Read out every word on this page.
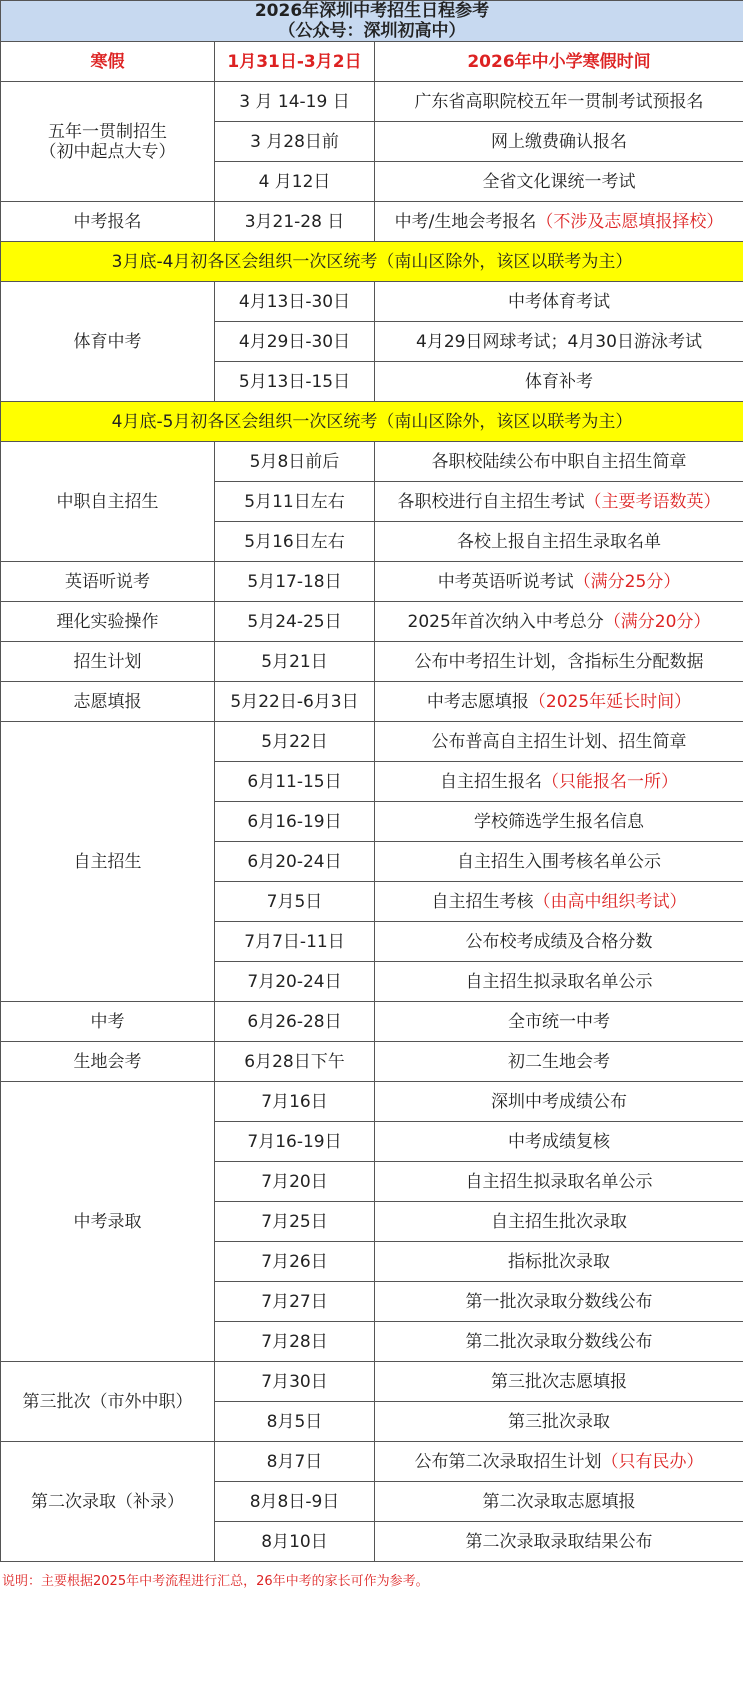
2026年深圳中考招生日程参考
（公众号：深圳初高中）		

寒假	1月31日-3月2日	2026年中小学寒假时间

五年一贯制招生
（初中起点大专）	3 月 14-19 日	广东省高职院校五年一贯制考试预报名
	3 月28日前	网上缴费确认报名
	4 月12日	全省文化课统一考试

中考报名	3月21-28 日	中考/生地会考报名（不涉及志愿填报择校）
3月底-4月初各区会组织一次区统考（南山区除外，该区以联考为主）		

体育中考	4月13日-30日	中考体育考试
	4月29日-30日	4月29日网球考试；4月30日游泳考试
	5月13日-15日	体育补考
4月底-5月初各区会组织一次区统考（南山区除外，该区以联考为主）		

中职自主招生	5月8日前后	各职校陆续公布中职自主招生简章
	5月11日左右	各职校进行自主招生考试（主要考语数英）
	5月16日左右	各校上报自主招生录取名单

英语听说考	5月17-18日	中考英语听说考试（满分25分）

理化实验操作	5月24-25日	2025年首次纳入中考总分（满分20分）

招生计划	5月21日	公布中考招生计划，含指标生分配数据

志愿填报	5月22日-6月3日	中考志愿填报（2025年延长时间）

自主招生	5月22日	公布普高自主招生计划、招生简章
	6月11-15日	自主招生报名（只能报名一所）
	6月16-19日	学校筛选学生报名信息
	6月20-24日	自主招生入围考核名单公示
	7月5日	自主招生考核（由高中组织考试）
	7月7日-11日	公布校考成绩及合格分数
	7月20-24日	自主招生拟录取名单公示

中考	6月26-28日	全市统一中考

生地会考	6月28日下午	初二生地会考

中考录取	7月16日	深圳中考成绩公布
	7月16-19日	中考成绩复核
	7月20日	自主招生拟录取名单公示
	7月25日	自主招生批次录取
	7月26日	指标批次录取
	7月27日	第一批次录取分数线公布
	7月28日	第二批次录取分数线公布

第三批次（市外中职）	7月30日	第三批次志愿填报
	8月5日	第三批次录取

第二次录取（补录）	8月7日	公布第二次录取招生计划（只有民办）
	8月8日-9日	第二次录取志愿填报
	8月10日	第二次录取录取结果公布
说明：主要根据2025年中考流程进行汇总，26年中考的家长可作为参考。
